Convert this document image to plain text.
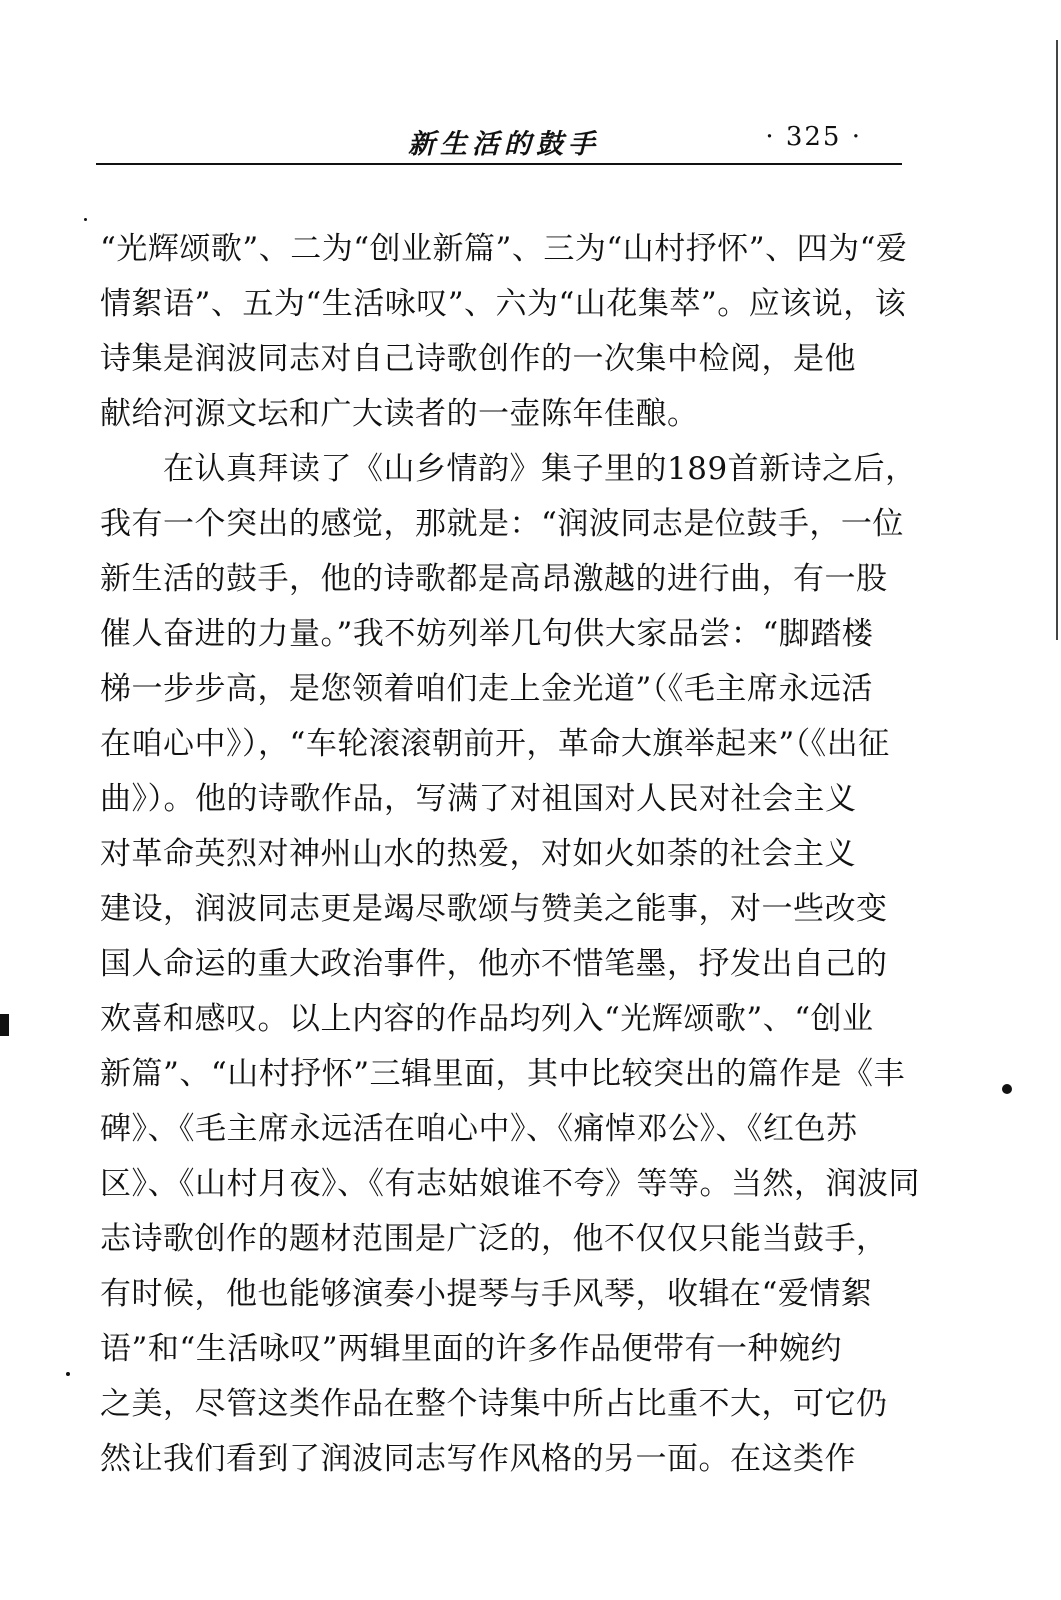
新生活的鼓手	· 325 ·
“光辉颂歌”、二为“创业新篇”、三为“山村抒怀”、四为“爱
情絮语”、五为“生活咏叹”、六为“山花集萃”。应该说，该
诗集是润波同志对自己诗歌创作的一次集中检阅，是他
献给河源文坛和广大读者的一壶陈年佳酿。
　　在认真拜读了《山乡情韵》集子里的189首新诗之后，
我有一个突出的感觉，那就是：“润波同志是位鼓手，一位
新生活的鼓手，他的诗歌都是高昂激越的进行曲，有一股
催人奋进的力量。”我不妨列举几句供大家品尝：“脚踏楼
梯一步步高，是您领着咱们走上金光道”（《毛主席永远活
在咱心中》），“车轮滚滚朝前开，革命大旗举起来”（《出征
曲》）。他的诗歌作品，写满了对祖国对人民对社会主义
对革命英烈对神州山水的热爱，对如火如荼的社会主义
建设，润波同志更是竭尽歌颂与赞美之能事，对一些改变
国人命运的重大政治事件，他亦不惜笔墨，抒发出自己的
欢喜和感叹。以上内容的作品均列入“光辉颂歌”、“创业
新篇”、“山村抒怀”三辑里面，其中比较突出的篇作是《丰
碑》、《毛主席永远活在咱心中》、《痛悼邓公》、《红色苏
区》、《山村月夜》、《有志姑娘谁不夸》等等。当然，润波同
志诗歌创作的题材范围是广泛的，他不仅仅只能当鼓手，
有时候，他也能够演奏小提琴与手风琴，收辑在“爱情絮
语”和“生活咏叹”两辑里面的许多作品便带有一种婉约
之美，尽管这类作品在整个诗集中所占比重不大，可它仍
然让我们看到了润波同志写作风格的另一面。在这类作
